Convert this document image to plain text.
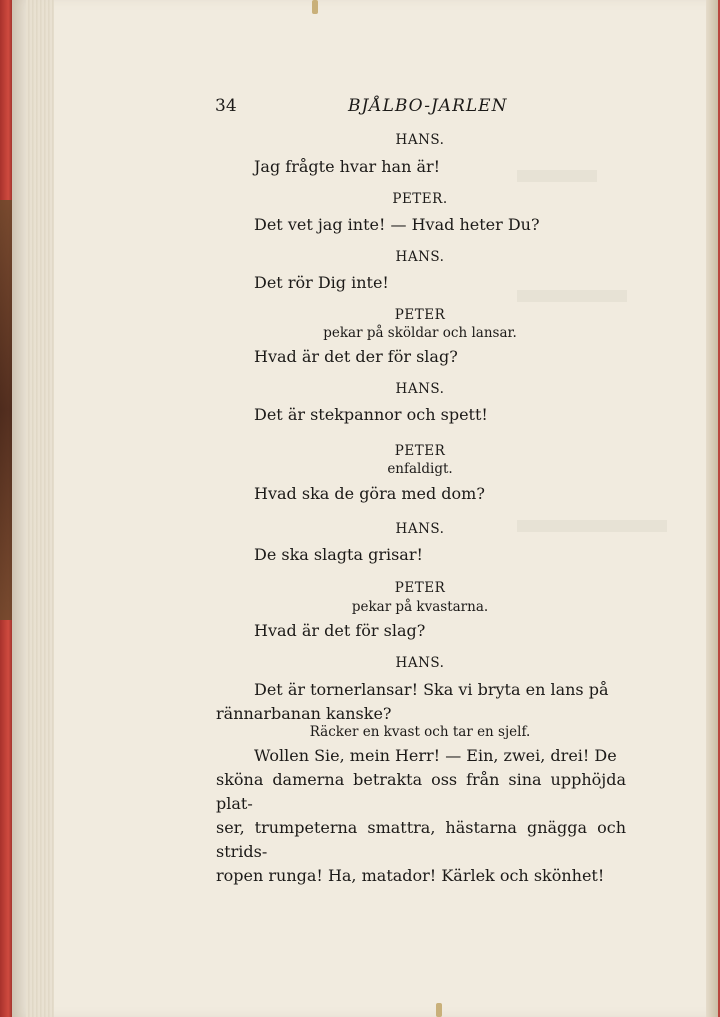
34	BJÅLBO-JARLEN
HANS.
Jag frågte hvar han är!
PETER.
Det vet jag inte! — Hvad heter Du?
HANS.
Det rör Dig inte!
PETER
pekar på sköldar och lansar.
Hvad är det der för slag?
HANS.
Det är stekpannor och spett!
PETER
enfaldigt.
Hvad ska de göra med dom?
HANS.
De ska slagta grisar!
PETER
pekar på kvastarna.
Hvad är det för slag?
HANS.
Det är tornerlansar! Ska vi bryta en lans på
rännarbanan kanske?
Räcker en kvast och tar en sjelf.
Wollen Sie, mein Herr! — Ein, zwei, drei! De
sköna damerna betrakta oss från sina upphöjda plat-
ser, trumpeterna smattra, hästarna gnägga och strids-
ropen runga! Ha, matador! Kärlek och skönhet!
